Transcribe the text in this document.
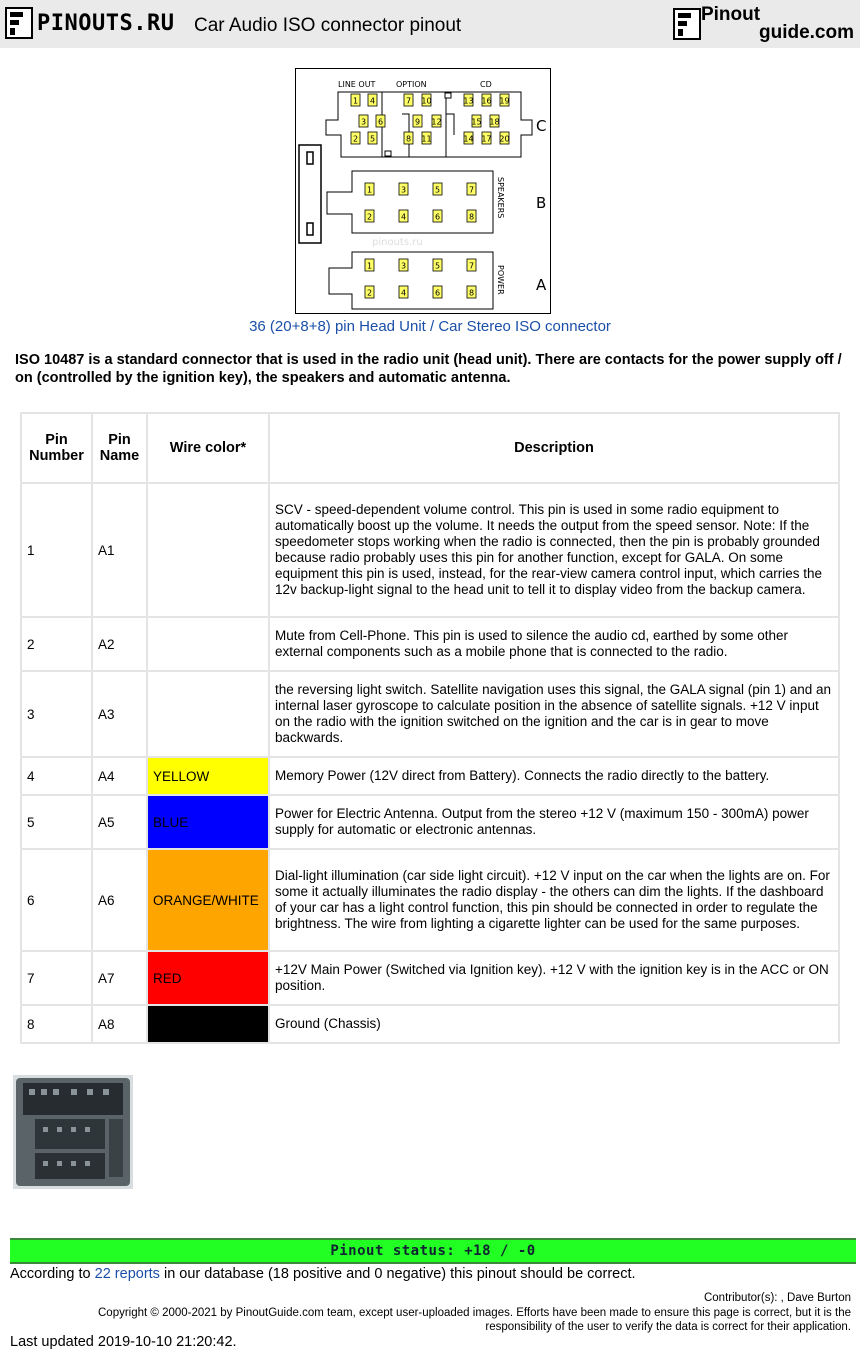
PINOUTS.RU Car Audio ISO connector pinout
Pinout
guide.com
LINE OUT	OPTION	CD
C
B
A
SPEAKERS
POWER
pinouts.ru
1 4	7 10	13 16 19
3 6	9 12	15 18
2 5	8 11	14 17 20
1	3	5	7
2	4	6	8
1	3	5	7
2	4	6	8
36 (20+8+8) pin Head Unit / Car Stereo ISO connector
ISO 10487 is a standard connector that is used in the radio unit (head unit). There are contacts for the power supply off / on (controlled by the ignition key), the speakers and automatic antenna.
Pin Number	Pin Name	Wire color*	Description
1	A1		SCV - speed-dependent volume control. This pin is used in some radio equipment to automatically boost up the volume. It needs the output from the speed sensor. Note: If the speedometer stops working when the radio is connected, then the pin is probably grounded because radio probably uses this pin for another function, except for GALA. On some equipment this pin is used, instead, for the rear-view camera control input, which carries the 12v backup-light signal to the head unit to tell it to display video from the backup camera.
2	A2		Mute from Cell-Phone. This pin is used to silence the audio cd, earthed by some other external components such as a mobile phone that is connected to the radio.
3	A3		the reversing light switch. Satellite navigation uses this signal, the GALA signal (pin 1) and an internal laser gyroscope to calculate position in the absence of satellite signals. +12 V input on the radio with the ignition switched on the ignition and the car is in gear to move backwards.
4	A4	YELLOW	Memory Power (12V direct from Battery). Connects the radio directly to the battery.
5	A5	BLUE	Power for Electric Antenna. Output from the stereo +12 V (maximum 150 - 300mA) power supply for automatic or electronic antennas.
6	A6	ORANGE/WHITE	Dial-light illumination (car side light circuit). +12 V input on the car when the lights are on. For some it actually illuminates the radio display - the others can dim the lights. If the dashboard of your car has a light control function, this pin should be connected in order to regulate the brightness. The wire from lighting a cigarette lighter can be used for the same purposes.
7	A7	RED	+12V Main Power (Switched via Ignition key). +12 V with the ignition key is in the ACC or ON position.
8	A8		Ground (Chassis)
Pinout status: +18 / -0
According to 22 reports in our database (18 positive and 0 negative) this pinout should be correct.
Contributor(s): , Dave Burton
Copyright © 2000-2021 by PinoutGuide.com team, except user-uploaded images. Efforts have been made to ensure this page is correct, but it is the responsibility of the user to verify the data is correct for their application.
Last updated 2019-10-10 21:20:42.
